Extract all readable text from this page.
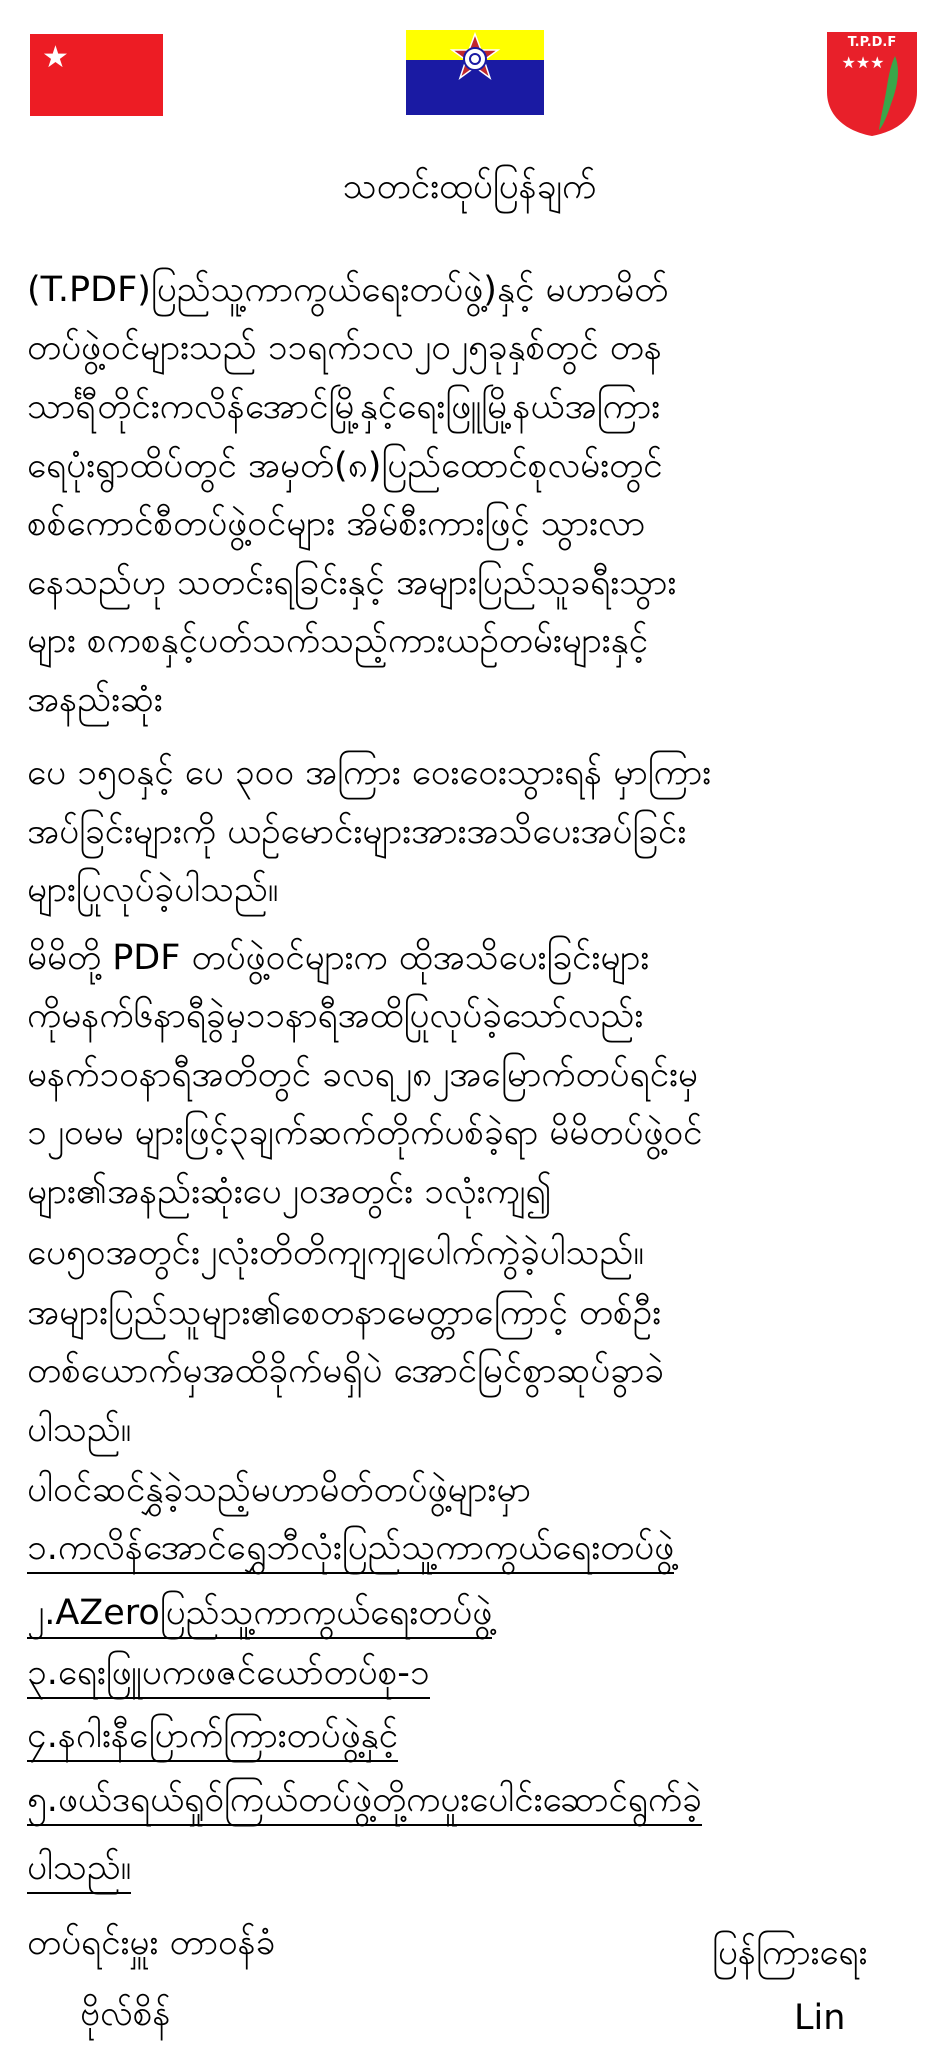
★	T.P.D.F
★★★
သတင်းထုပ်ပြန်ချက်
(T.PDF)ပြည်သူ့ကာကွယ်ရေးတပ်ဖွဲ့)နှင့် မဟာမိတ်
တပ်ဖွဲ့ဝင်များသည် ၁၁ရက်၁လ၂၀၂၅ခုနှစ်တွင် တန
သာင်္ရီတိုင်းကလိန်အောင်မြို့နှင့်ရေးဖြူမြို့နယ်အကြား
ရေပုံးရွာထိပ်တွင် အမှတ်(၈)ပြည်ထောင်စုလမ်းတွင်
စစ်ကောင်စီတပ်ဖွဲ့ဝင်များ အိမ်စီးကားဖြင့် သွားလာ
နေသည်ဟု သတင်းရခြင်းနှင့် အများပြည်သူခရီးသွား
များ စကစနှင့်ပတ်သက်သည့်ကားယဉ်တမ်းများနှင့်
အနည်းဆုံး
ပေ ၁၅၀နှင့် ပေ ၃၀၀ အကြား ဝေးဝေးသွားရန် မှာကြား
အပ်ခြင်းများကို ယဉ်မောင်းများအားအသိပေးအပ်ခြင်း
များပြုလုပ်ခဲ့ပါသည်။
မိမိတို့ PDF တပ်ဖွဲ့ဝင်များက ထိုအသိပေးခြင်းများ
ကိုမနက်၆နာရီခွဲမှ၁၁နာရီအထိပြုလုပ်ခဲ့သော်လည်း
မနက်၁၀နာရီအတိတွင် ခလရ၂၈၂အမြောက်တပ်ရင်းမှ
၁၂၀မမ များဖြင့်၃ချက်ဆက်တိုက်ပစ်ခဲ့ရာ မိမိတပ်ဖွဲ့ဝင်
များ၏အနည်းဆုံးပေ၂၀အတွင်း ၁လုံးကျ၍
ပေ၅၀အတွင်း၂လုံးတိတိကျကျပေါက်ကွဲခဲ့ပါသည်။
အများပြည်သူများ၏စေတနာမေတ္တာကြောင့် တစ်ဦး
တစ်ယောက်မှအထိခိုက်မရှိပဲ အောင်မြင်စွာဆုပ်ခွာခဲ
ပါသည်။
ပါဝင်ဆင်နွှဲခဲ့သည့်မဟာမိတ်တပ်ဖွဲ့များမှာ
၁.ကလိန်အောင်ရွှေဘီလုံးပြည်သူ့ကာကွယ်ရေးတပ်ဖွဲ့
၂.AZeroပြည်သူ့ကာကွယ်ရေးတပ်ဖွဲ့
၃.ရေးဖြူပကဖဇင်ယော်တပ်စု-၁
၄.နဂါးနီပြောက်ကြားတပ်ဖွဲ့နှင့်
၅.ဖယ်ဒရယ်ရှုဝ်ကြယ်တပ်ဖွဲ့တို့ကပူးပေါင်းဆောင်ရွက်ခဲ့
ပါသည်။
တပ်ရင်းမှူး တာဝန်ခံ
ဗိုလ်စိန်
ပြန်ကြားရေး
Lin
